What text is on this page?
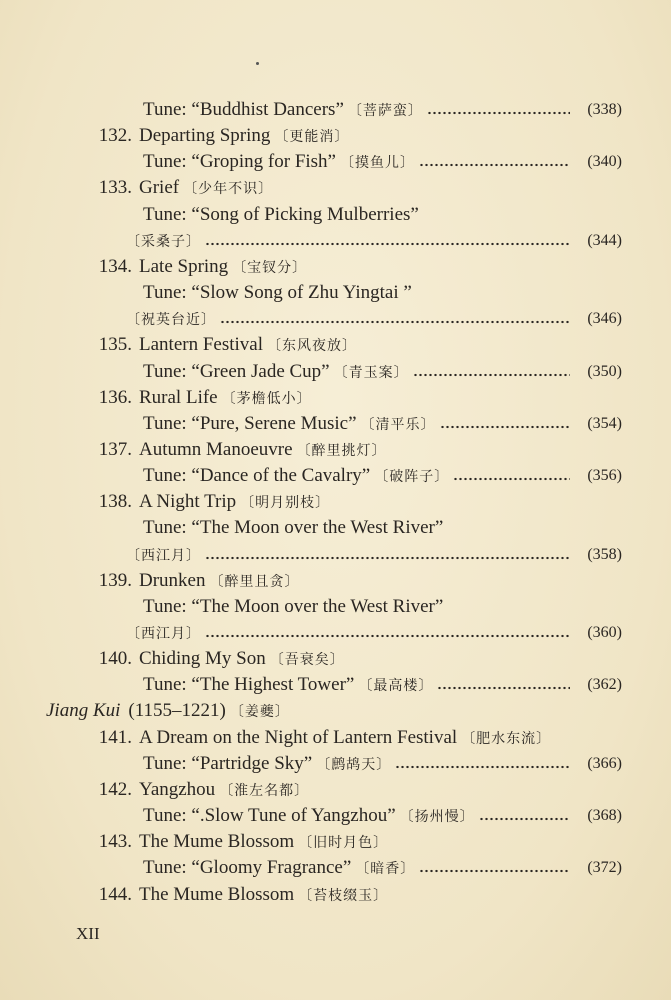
Tune: “Buddhist Dancers” 〔菩萨蛮〕	(338)
132. Departing Spring 〔更能消〕
Tune: “Groping for Fish” 〔摸鱼儿〕	(340)
133. Grief 〔少年不识〕
Tune: “Song of Picking Mulberries”
〔采桑子〕	(344)
134. Late Spring 〔宝钗分〕
Tune: “Slow Song of Zhu Yingtai ”
〔祝英台近〕	(346)
135. Lantern Festival 〔东风夜放〕
Tune: “Green Jade Cup” 〔青玉案〕	(350)
136. Rural Life 〔茅檐低小〕
Tune: “Pure, Serene Music” 〔清平乐〕	(354)
137. Autumn Manoeuvre 〔醉里挑灯〕
Tune: “Dance of the Cavalry” 〔破阵子〕	(356)
138. A Night Trip 〔明月别枝〕
Tune: “The Moon over the West River”
〔西江月〕	(358)
139. Drunken 〔醉里且贪〕
Tune: “The Moon over the West River”
〔西江月〕	(360)
140. Chiding My Son 〔吾衰矣〕
Tune: “The Highest Tower” 〔最高楼〕	(362)
Jiang Kui (1155–1221) 〔姜夔〕
141. A Dream on the Night of Lantern Festival 〔肥水东流〕
Tune: “Partridge Sky” 〔鹧鸪天〕	(366)
142. Yangzhou 〔淮左名都〕
Tune: “.Slow Tune of Yangzhou” 〔扬州慢〕	(368)
143. The Mume Blossom 〔旧时月色〕
Tune: “Gloomy Fragrance” 〔暗香〕	(372)
144. The Mume Blossom 〔苔枝缀玉〕
XII
